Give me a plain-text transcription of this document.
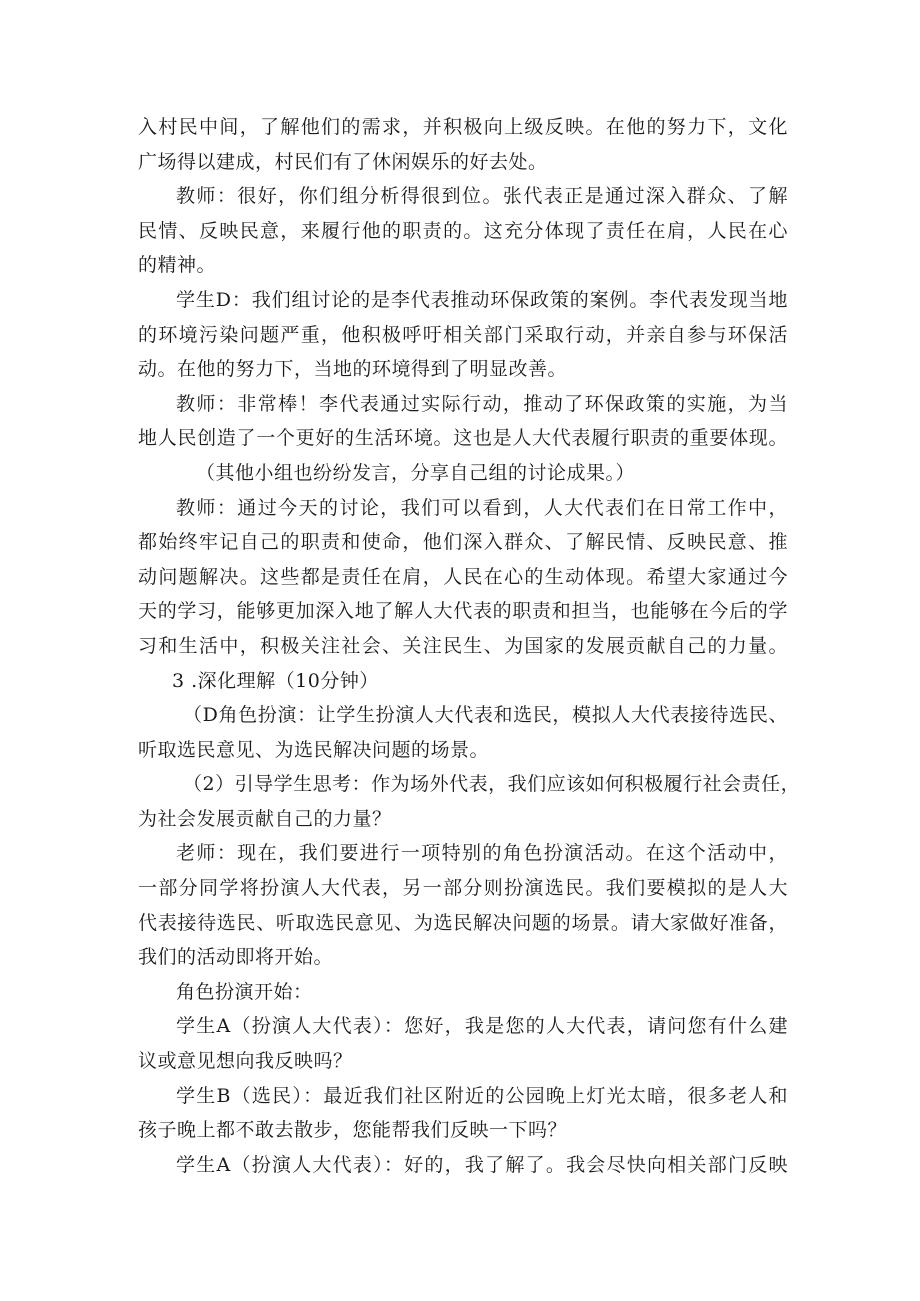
入村民中间，了解他们的需求，并积极向上级反映。在他的努力下，文化
广场得以建成，村民们有了休闲娱乐的好去处。
教师：很好，你们组分析得很到位。张代表正是通过深入群众、了解
民情、反映民意，来履行他的职责的。这充分体现了责任在肩，人民在心
的精神。
学生D：我们组讨论的是李代表推动环保政策的案例。李代表发现当地
的环境污染问题严重，他积极呼吁相关部门采取行动，并亲自参与环保活
动。在他的努力下，当地的环境得到了明显改善。
教师：非常棒！李代表通过实际行动，推动了环保政策的实施，为当
地人民创造了一个更好的生活环境。这也是人大代表履行职责的重要体现。
（其他小组也纷纷发言，分享自己组的讨论成果。）
教师：通过今天的讨论，我们可以看到，人大代表们在日常工作中，
都始终牢记自己的职责和使命，他们深入群众、了解民情、反映民意、推
动问题解决。这些都是责任在肩，人民在心的生动体现。希望大家通过今
天的学习，能够更加深入地了解人大代表的职责和担当，也能够在今后的学
习和生活中，积极关注社会、关注民生、为国家的发展贡献自己的力量。
3 .深化理解（10分钟）
（D角色扮演：让学生扮演人大代表和选民，模拟人大代表接待选民、
听取选民意见、为选民解决问题的场景。
（2）引导学生思考：作为场外代表，我们应该如何积极履行社会责任，
为社会发展贡献自己的力量？
老师：现在，我们要进行一项特别的角色扮演活动。在这个活动中，
一部分同学将扮演人大代表，另一部分则扮演选民。我们要模拟的是人大
代表接待选民、听取选民意见、为选民解决问题的场景。请大家做好准备，
我们的活动即将开始。
角色扮演开始：
学生A（扮演人大代表）：您好，我是您的人大代表，请问您有什么建
议或意见想向我反映吗？
学生B（选民）：最近我们社区附近的公园晚上灯光太暗，很多老人和
孩子晚上都不敢去散步，您能帮我们反映一下吗？
学生A（扮演人大代表）：好的，我了解了。我会尽快向相关部门反映
